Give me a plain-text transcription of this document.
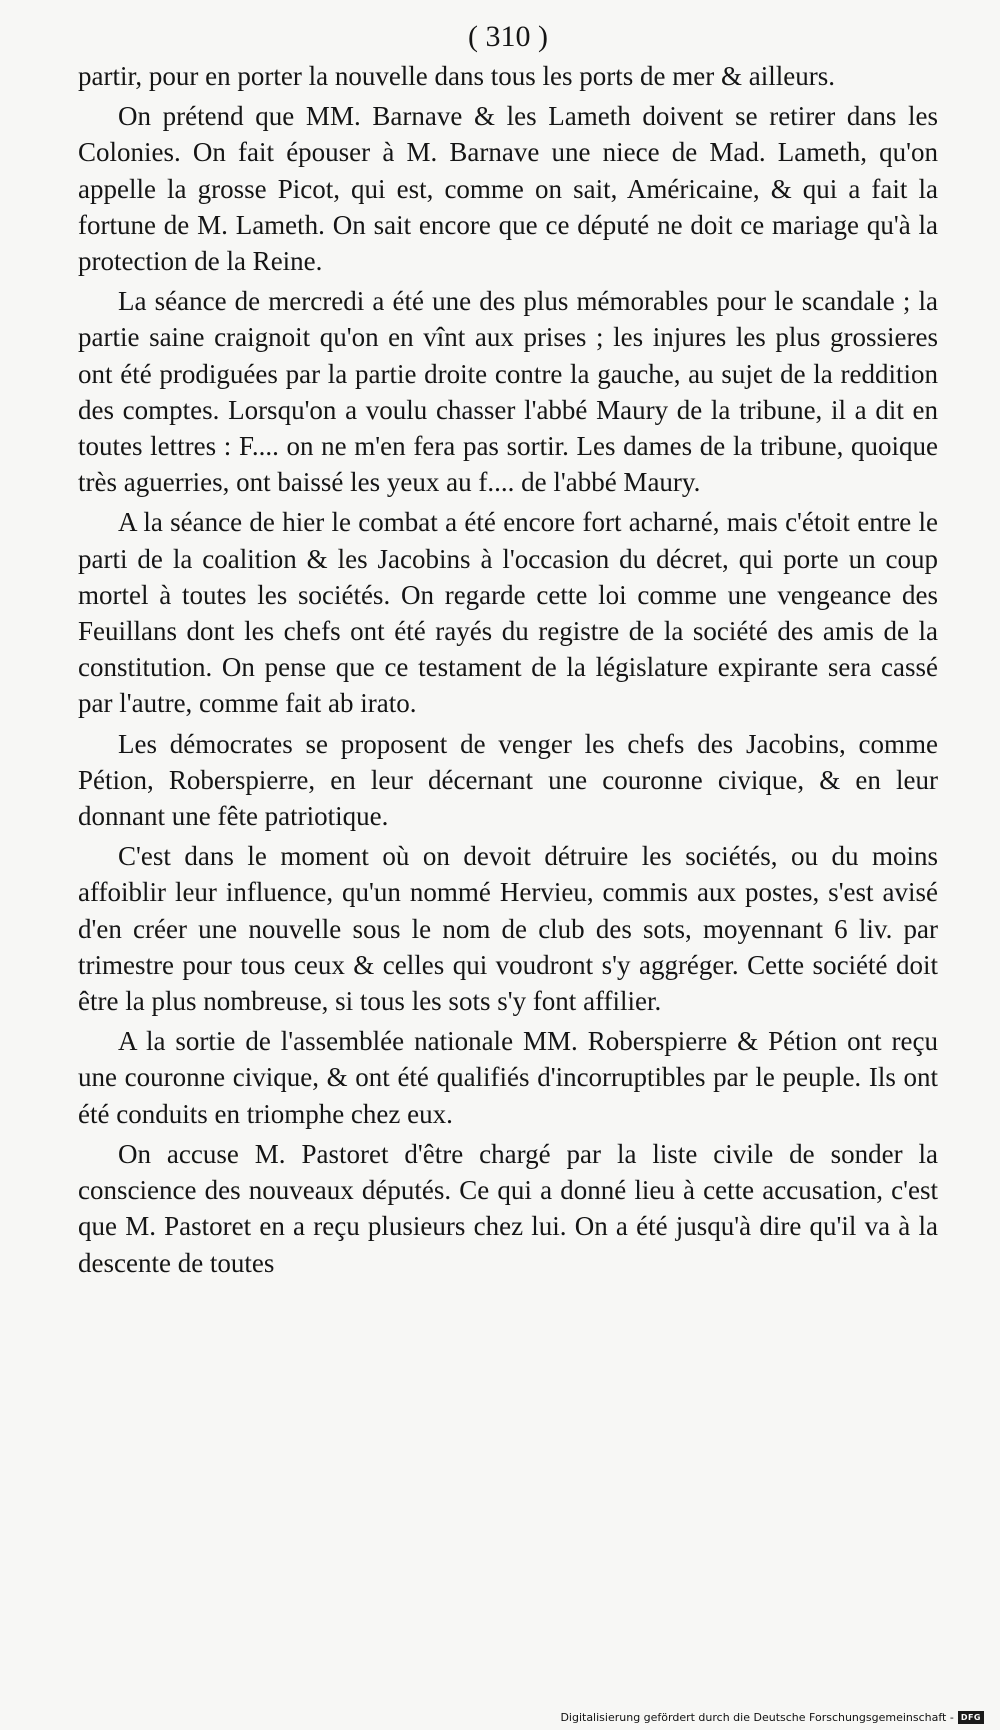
( 310 )

partir, pour en porter la nouvelle dans tous les ports de mer & ailleurs.

On prétend que MM. Barnave & les Lameth doivent se retirer dans les Colonies. On fait épouser à M. Barnave une niece de Mad. Lameth, qu'on appelle la grosse Picot, qui est, comme on sait, Américaine, & qui a fait la fortune de M. Lameth. On sait encore que ce député ne doit ce mariage qu'à la protection de la Reine.

La séance de mercredi a été une des plus mémorables pour le scandale ; la partie saine craignoit qu'on en vînt aux prises ; les injures les plus grossieres ont été prodiguées par la partie droite contre la gauche, au sujet de la reddition des comptes. Lorsqu'on a voulu chasser l'abbé Maury de la tribune, il a dit en toutes lettres : F.... on ne m'en fera pas sortir. Les dames de la tribune, quoique très aguerries, ont baissé les yeux au f.... de l'abbé Maury.

A la séance de hier le combat a été encore fort acharné, mais c'étoit entre le parti de la coalition & les Jacobins à l'occasion du décret, qui porte un coup mortel à toutes les sociétés. On regarde cette loi comme une vengeance des Feuillans dont les chefs ont été rayés du registre de la société des amis de la constitution. On pense que ce testament de la législature expirante sera cassé par l'autre, comme fait ab irato.

Les démocrates se proposent de venger les chefs des Jacobins, comme Pétion, Roberspierre, en leur décernant une couronne civique, & en leur donnant une fête patriotique.

C'est dans le moment où on devoit détruire les sociétés, ou du moins affoiblir leur influence, qu'un nommé Hervieu, commis aux postes, s'est avisé d'en créer une nouvelle sous le nom de club des sots, moyennant 6 liv. par trimestre pour tous ceux & celles qui voudront s'y aggréger. Cette société doit être la plus nombreuse, si tous les sots s'y font affilier.

A la sortie de l'assemblée nationale MM. Roberspierre & Pétion ont reçu une couronne civique, & ont été qualifiés d'incorruptibles par le peuple. Ils ont été conduits en triomphe chez eux.

On accuse M. Pastoret d'être chargé par la liste civile de sonder la conscience des nouveaux députés. Ce qui a donné lieu à cette accusation, c'est que M. Pastoret en a reçu plusieurs chez lui. On a été jusqu'à dire qu'il va à la descente de toutes

Digitalisierung gefördert durch die Deutsche Forschungsgemeinschaft - DFG
